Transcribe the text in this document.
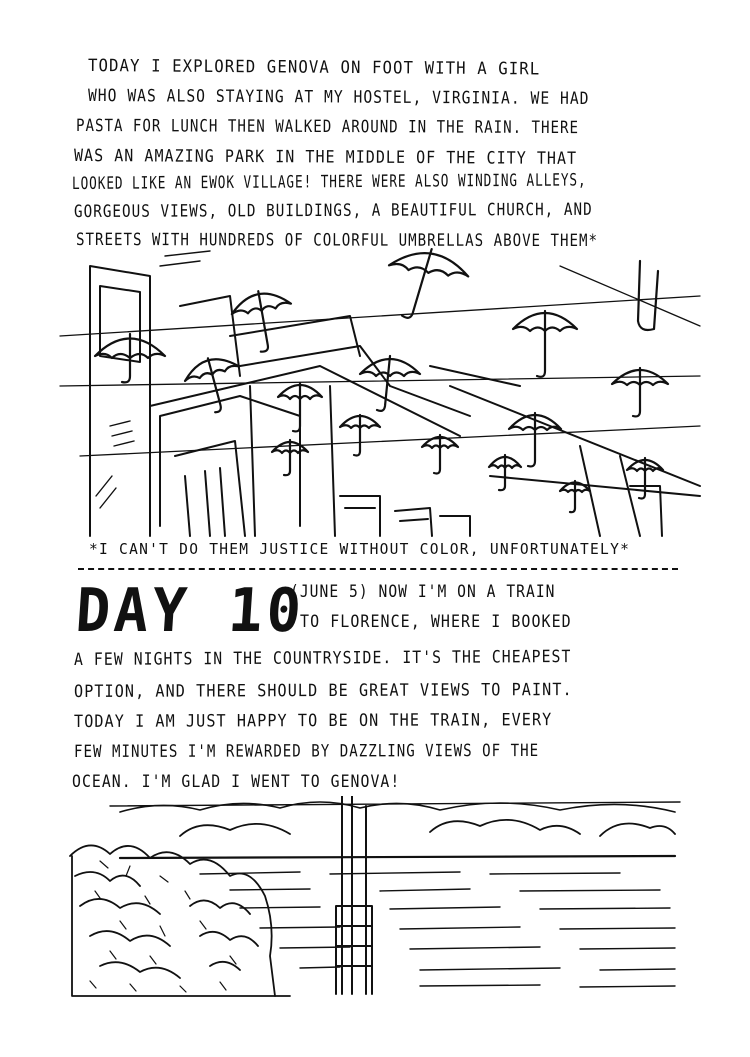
TODAY I EXPLORED GENOVA ON FOOT WITH A GIRL
WHO WAS ALSO STAYING AT MY HOSTEL, VIRGINIA. WE HAD
PASTA FOR LUNCH THEN WALKED AROUND IN THE RAIN. THERE
WAS AN AMAZING PARK IN THE MIDDLE OF THE CITY THAT
LOOKED LIKE AN EWOK VILLAGE! THERE WERE ALSO WINDING ALLEYS,
GORGEOUS VIEWS, OLD BUILDINGS, A BEAUTIFUL CHURCH, AND
STREETS WITH HUNDREDS OF COLORFUL UMBRELLAS ABOVE THEM*
*I CAN'T DO THEM JUSTICE WITHOUT COLOR, UNFORTUNATELY*
DAY 10
(JUNE 5) NOW I'M ON A TRAIN
TO FLORENCE, WHERE I BOOKED
A FEW NIGHTS IN THE COUNTRYSIDE. IT'S THE CHEAPEST
OPTION, AND THERE SHOULD BE GREAT VIEWS TO PAINT.
TODAY I AM JUST HAPPY TO BE ON THE TRAIN, EVERY
FEW MINUTES I'M REWARDED BY DAZZLING VIEWS OF THE
OCEAN. I'M GLAD I WENT TO GENOVA!
